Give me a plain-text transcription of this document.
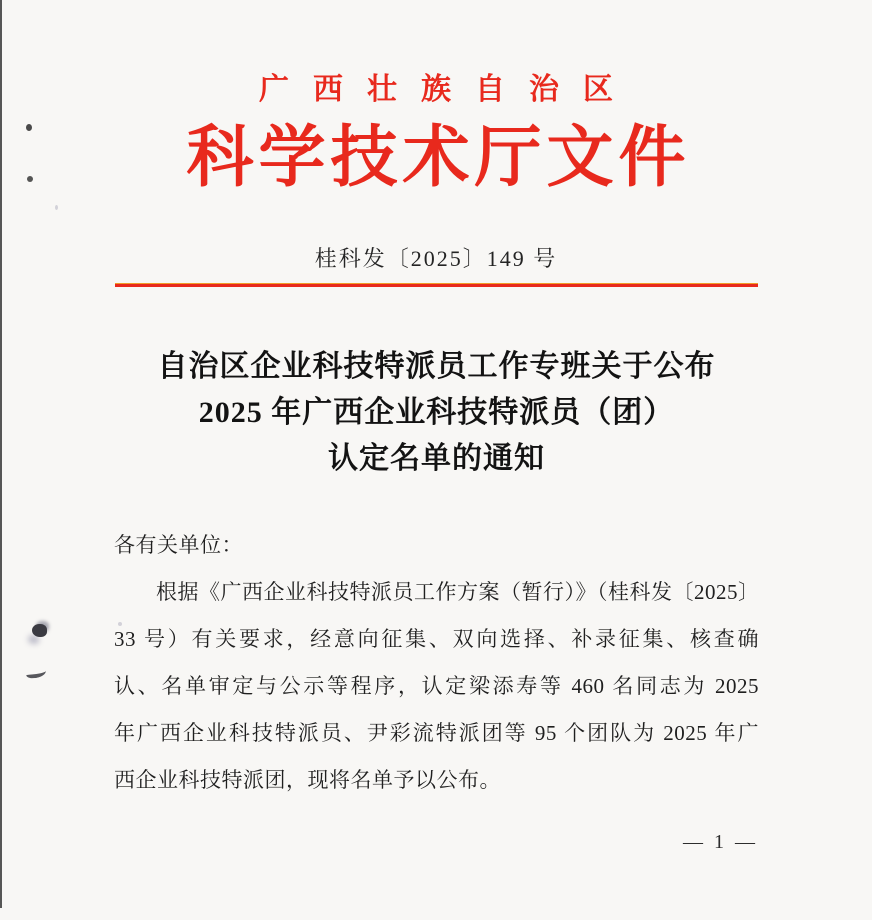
广西壮族自治区
科学技术厅文件
桂科发〔2025〕149 号
自治区企业科技特派员工作专班关于公布
2025 年广西企业科技特派员（团）
认定名单的通知
各有关单位：
根据《广西企业科技特派员工作方案（暂行）》（桂科发〔2025〕
33 号）有关要求，经意向征集、双向选择、补录征集、核查确
认、名单审定与公示等程序，认定梁添寿等 460 名同志为 2025
年广西企业科技特派员、尹彩流特派团等 95 个团队为 2025 年广
西企业科技特派团，现将名单予以公布。
— 1 —
